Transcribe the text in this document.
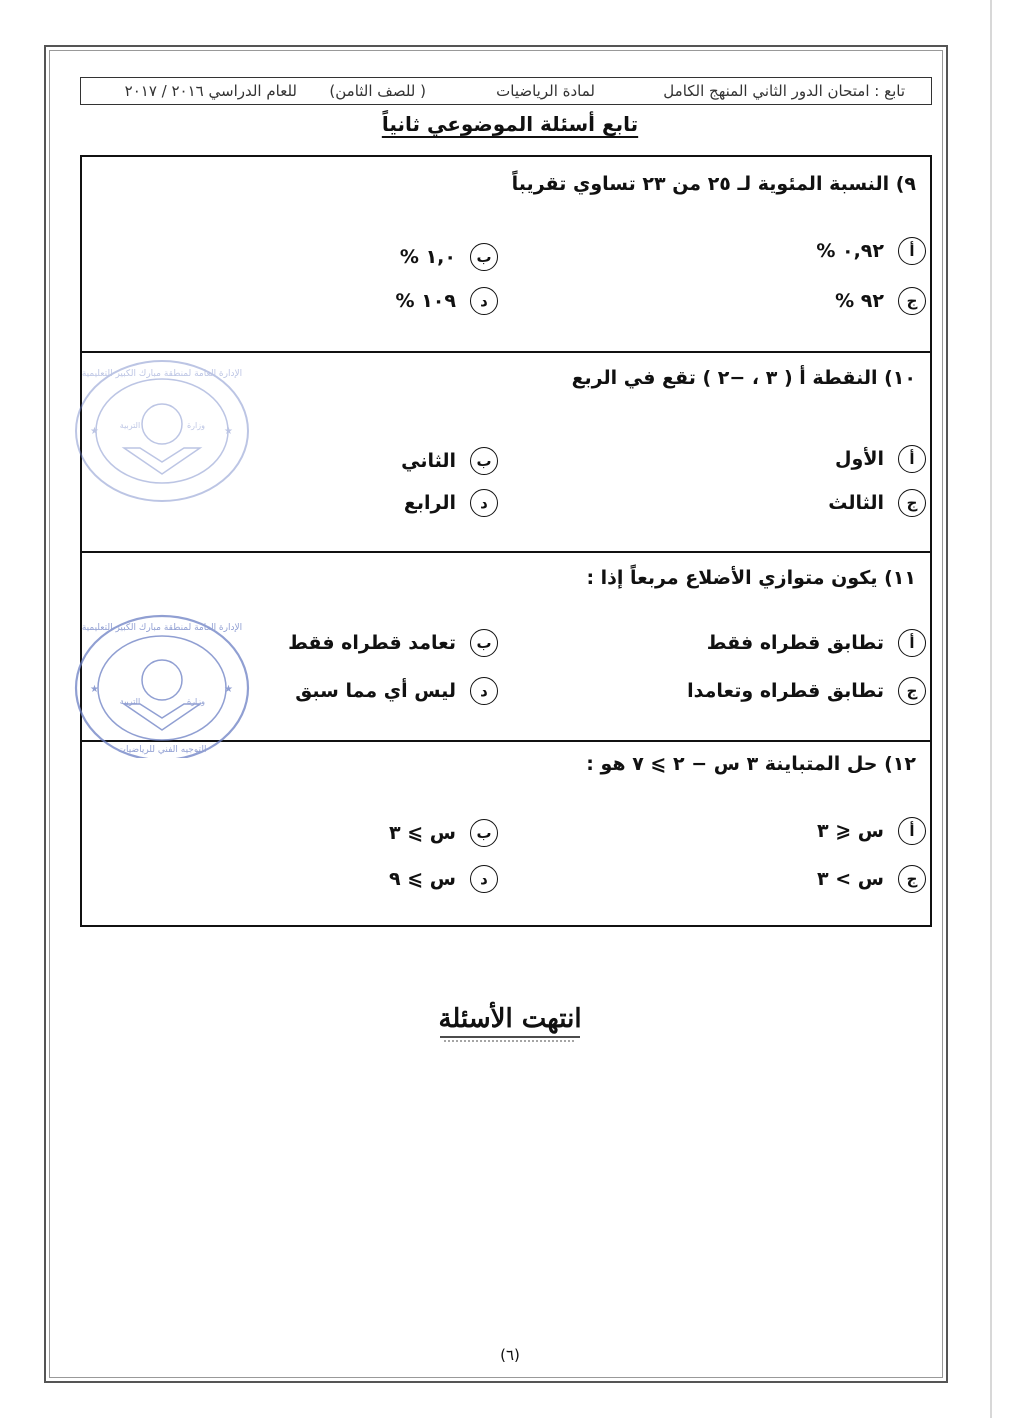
تابع : امتحان الدور الثاني المنهج الكامل
لمادة الرياضيات
( للصف الثامن)
للعام الدراسي ٢٠١٦ / ٢٠١٧
تابع أسئلة الموضوعي ثانياً
٩) النسبة المئوية لـ ٢٥ من ٢٣ تساوي تقريباً
أ
٠,٩٢ %
ب
١,٠ %
ج
٩٢ %
د
١٠٩ %
١٠) النقطة أ ( ٣ ، −٢ ) تقع في الربع
أ
الأول
ب
الثاني
ج
الثالث
د
الرابع
١١) يكون متوازي الأضلاع مربعاً إذا :
أ
تطابق قطراه فقط
ب
تعامد قطراه فقط
ج
تطابق قطراه وتعامدا
د
ليس أي مما سبق
١٢) حل المتباينة ٣ س − ٢ ⩾ ٧ هو :
أ
س ⩽ ٣
ب
س ⩾ ٣
ج
س > ٣
د
س ⩾ ٩
★	★
الإدارة العامة لمنطقة مبارك الكبير التعليمية
التربية	وزارة
★	★
الإدارة العامة لمنطقة مبارك الكبير التعليمية
التوجيه الفني للرياضيات
التربية	وزارة
انتهت الأسئلة
(٦)
